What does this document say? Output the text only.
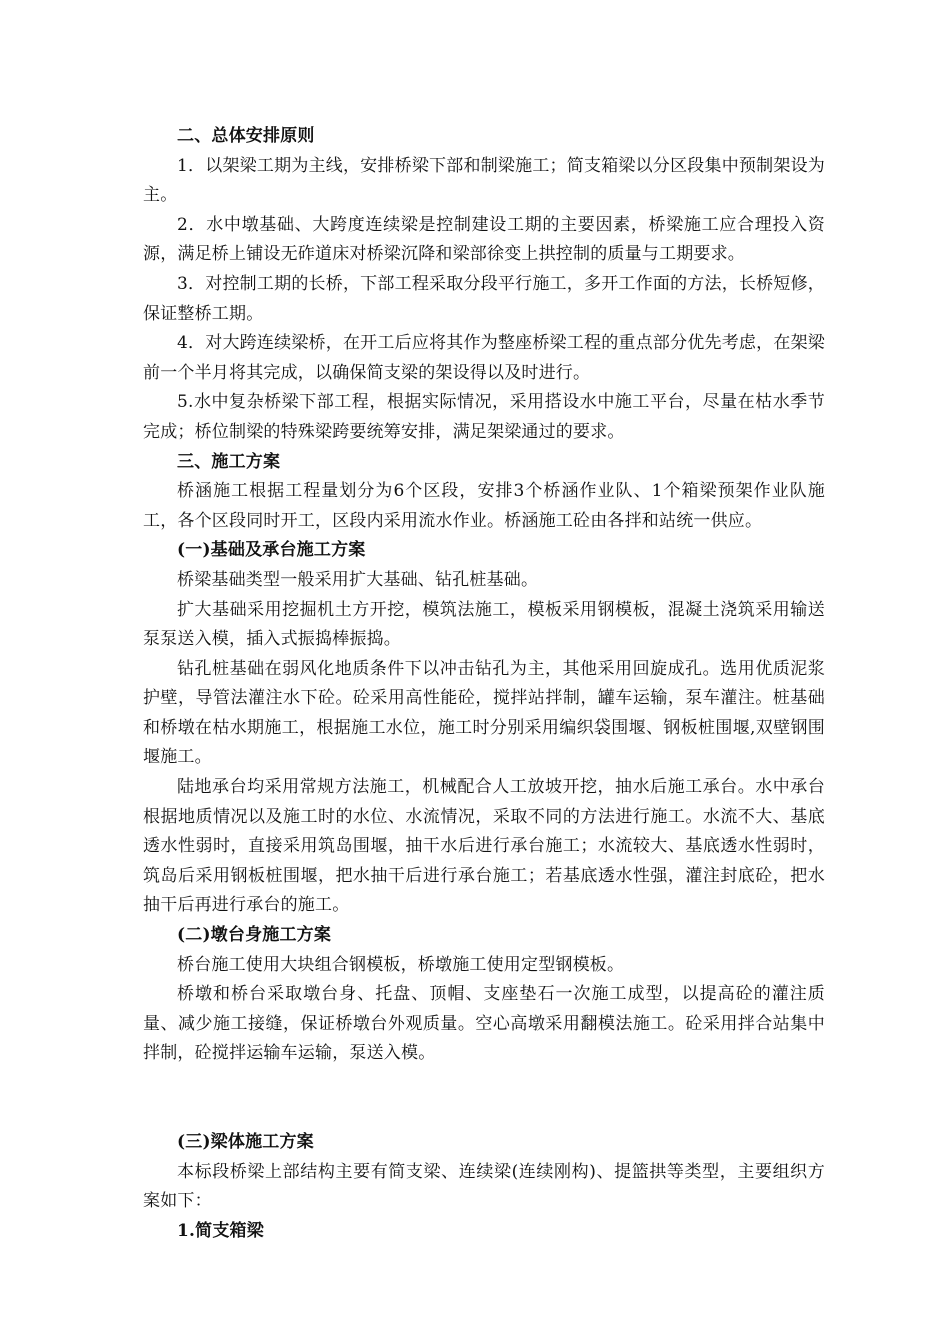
二、总体安排原则

1．以架梁工期为主线，安排桥梁下部和制梁施工；简支箱梁以分区段集中预制架设为主。

2．水中墩基础、大跨度连续梁是控制建设工期的主要因素，桥梁施工应合理投入资源，满足桥上铺设无砟道床对桥梁沉降和梁部徐变上拱控制的质量与工期要求。

3．对控制工期的长桥，下部工程采取分段平行施工，多开工作面的方法，长桥短修，保证整桥工期。

4．对大跨连续梁桥，在开工后应将其作为整座桥梁工程的重点部分优先考虑，在架梁前一个半月将其完成，以确保简支梁的架设得以及时进行。

5.水中复杂桥梁下部工程，根据实际情况，采用搭设水中施工平台，尽量在枯水季节完成；桥位制梁的特殊梁跨要统筹安排，满足架梁通过的要求。

三、施工方案

桥涵施工根据工程量划分为6个区段，安排3个桥涵作业队、1个箱梁预架作业队施工，各个区段同时开工，区段内采用流水作业。桥涵施工砼由各拌和站统一供应。

(一)基础及承台施工方案

桥梁基础类型一般采用扩大基础、钻孔桩基础。

扩大基础采用挖掘机土方开挖，模筑法施工，模板采用钢模板，混凝土浇筑采用输送泵泵送入模，插入式振捣棒振捣。

钻孔桩基础在弱风化地质条件下以冲击钻孔为主，其他采用回旋成孔。选用优质泥浆护壁，导管法灌注水下砼。砼采用高性能砼，搅拌站拌制，罐车运输，泵车灌注。桩基础和桥墩在枯水期施工，根据施工水位，施工时分别采用编织袋围堰、钢板桩围堰,双壁钢围堰施工。

陆地承台均采用常规方法施工，机械配合人工放坡开挖，抽水后施工承台。水中承台根据地质情况以及施工时的水位、水流情况，采取不同的方法进行施工。水流不大、基底透水性弱时，直接采用筑岛围堰，抽干水后进行承台施工；水流较大、基底透水性弱时，筑岛后采用钢板桩围堰，把水抽干后进行承台施工；若基底透水性强，灌注封底砼，把水抽干后再进行承台的施工。

(二)墩台身施工方案

桥台施工使用大块组合钢模板，桥墩施工使用定型钢模板。

桥墩和桥台采取墩台身、托盘、顶帽、支座垫石一次施工成型，以提高砼的灌注质量、减少施工接缝，保证桥墩台外观质量。空心高墩采用翻模法施工。砼采用拌合站集中拌制，砼搅拌运输车运输，泵送入模。

(三)梁体施工方案

本标段桥梁上部结构主要有简支梁、连续梁(连续刚构)、提篮拱等类型，主要组织方案如下：

1.简支箱梁
